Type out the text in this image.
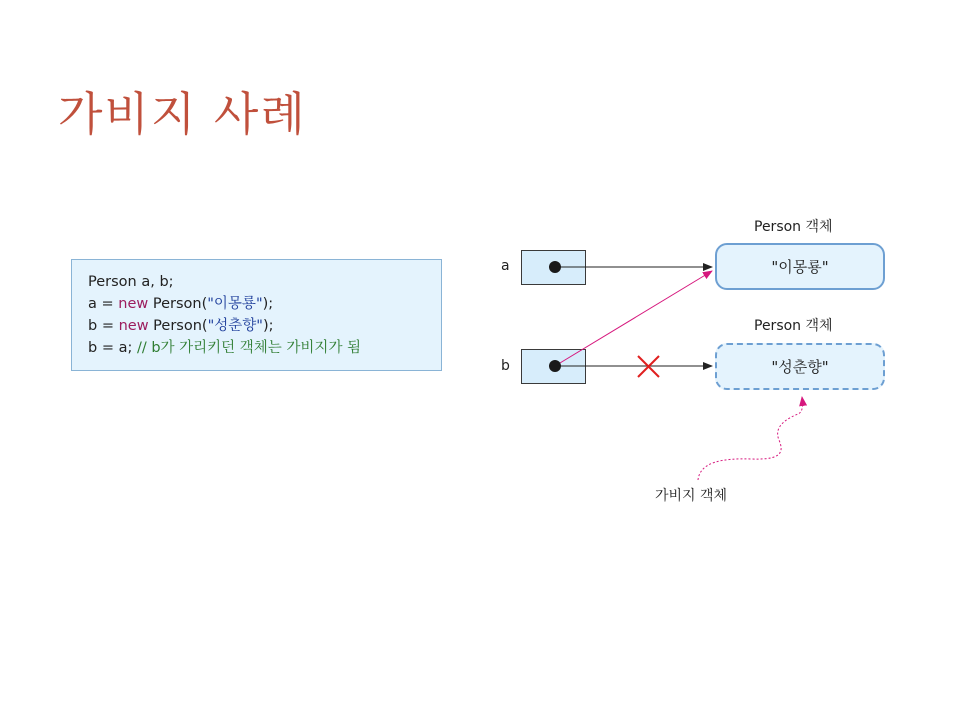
가비지 사례
Person a, b;
a = new Person("이몽룡");
b = new Person("성춘향");
b = a; // b가 가리키던 객체는 가비지가 됨
Person 객체
"이몽룡"
Person 객체
"성춘향"
a
b
가비지 객체
